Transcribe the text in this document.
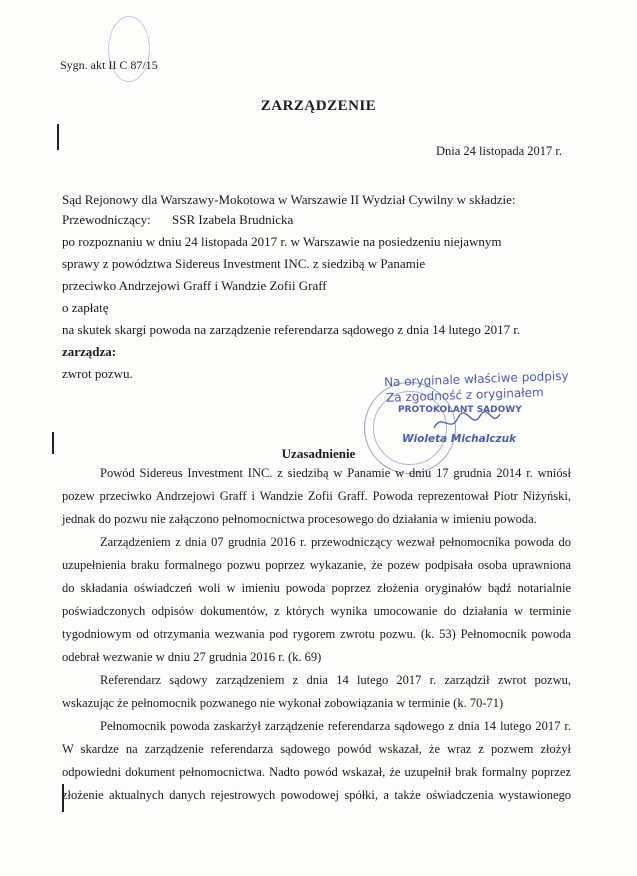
Sygn. akt II C 87/15
ZARZĄDZENIE
Dnia 24 listopada 2017 r.
Sąd Rejonowy dla Warszawy-Mokotowa w Warszawie II Wydział Cywilny w składzie:
Przewodniczący: SSR Izabela Brudnicka
po rozpoznaniu w dniu 24 listopada 2017 r. w Warszawie na posiedzeniu niejawnym
sprawy z powództwa Sidereus Investment INC. z siedzibą w Panamie
przeciwko Andrzejowi Graff i Wandzie Zofii Graff
o zapłatę
na skutek skargi powoda na zarządzenie referendarza sądowego z dnia 14 lutego 2017 r.
zarządza:
zwrot pozwu.	Na oryginale właściwe podpisy
Za zgodność z oryginałem
PROTOKOLANT SĄDOWY
Wioleta Michalczuk
Uzasadnienie
Powód Sidereus Investment INC. z siedzibą w Panamie w dniu 17 grudnia 2014 r. wniósł
pozew przeciwko Andrzejowi Graff i Wandzie Zofii Graff. Powoda reprezentował Piotr Niżyński,
jednak do pozwu nie załączono pełnomocnictwa procesowego do działania w imieniu powoda.
Zarządzeniem z dnia 07 grudnia 2016 r. przewodniczący wezwał pełnomocnika powoda do
uzupełnienia braku formalnego pozwu poprzez wykazanie, że pozew podpisała osoba uprawniona
do składania oświadczeń woli w imieniu powoda poprzez złożenia oryginałów bądź notarialnie
poświadczonych odpisów dokumentów, z których wynika umocowanie do działania w terminie
tygodniowym od otrzymania wezwania pod rygorem zwrotu pozwu. (k. 53) Pełnomocnik powoda
odebrał wezwanie w dniu 27 grudnia 2016 r. (k. 69)
Referendarz sądowy zarządzeniem z dnia 14 lutego 2017 r. zarządził zwrot pozwu,
wskazując że pełnomocnik pozwanego nie wykonał zobowiązania w terminie (k. 70-71)
Pełnomocnik powoda zaskarżył zarządzenie referendarza sądowego z dnia 14 lutego 2017 r.
W skardze na zarządzenie referendarza sądowego powód wskazał, że wraz z pozwem złożył
odpowiedni dokument pełnomocnictwa. Nadto powód wskazał, że uzupełnił brak formalny poprzez
złożenie aktualnych danych rejestrowych powodowej spółki, a także oświadczenia wystawionego
